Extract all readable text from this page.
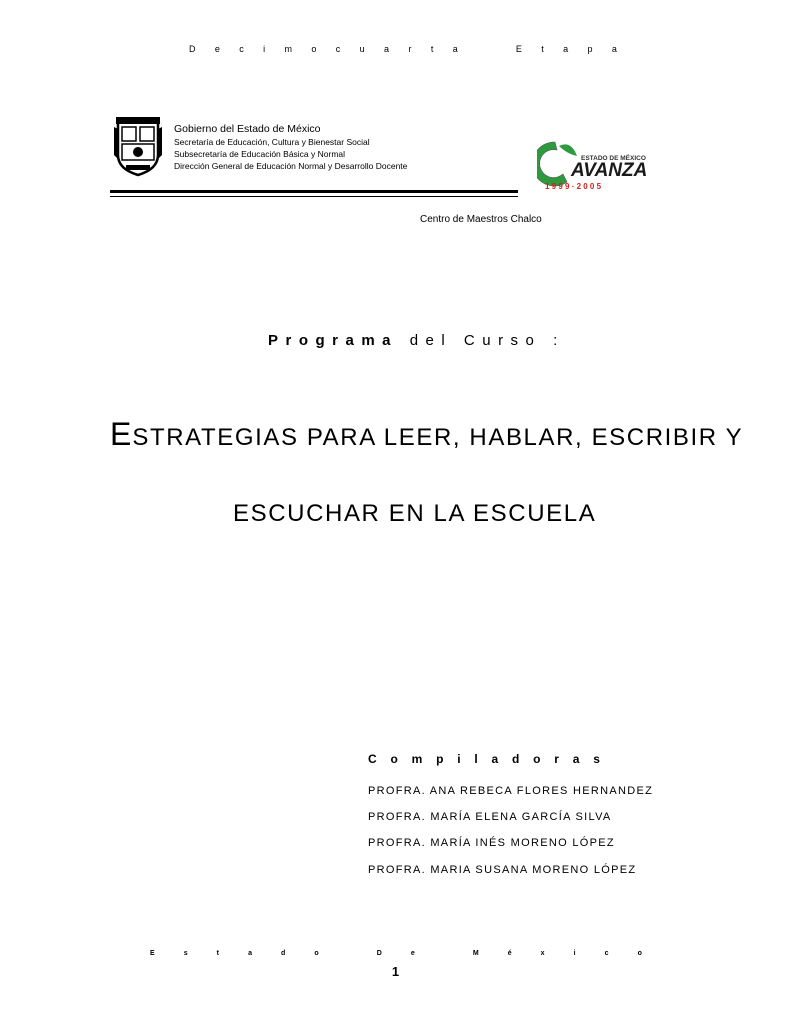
D e c i m o c u a r t a	E t a p a
Gobierno del Estado de México
Secretaría de Educación, Cultura y Bienestar Social
Subsecretaría de Educación Básica y Normal
Dirección General de Educación Normal y Desarrollo Docente
ESTADO DE MÉXICO
AVANZA
1 9 9 9 · 2 0 0 5
Centro de Maestros Chalco
Programa del Curso :
ESTRATEGIAS PARA LEER, HABLAR, ESCRIBIR Y
ESCUCHAR EN LA ESCUELA
C o m p i l a d o r a s
PROFRA. ANA REBECA FLORES HERNANDEZ
PROFRA. MARÍA ELENA GARCÍA SILVA
PROFRA. MARÍA INÉS MORENO LÓPEZ
PROFRA. MARIA SUSANA MORENO LÓPEZ
E	s	t	a	d	o	D	e	M	é	x	i	c	o
1
